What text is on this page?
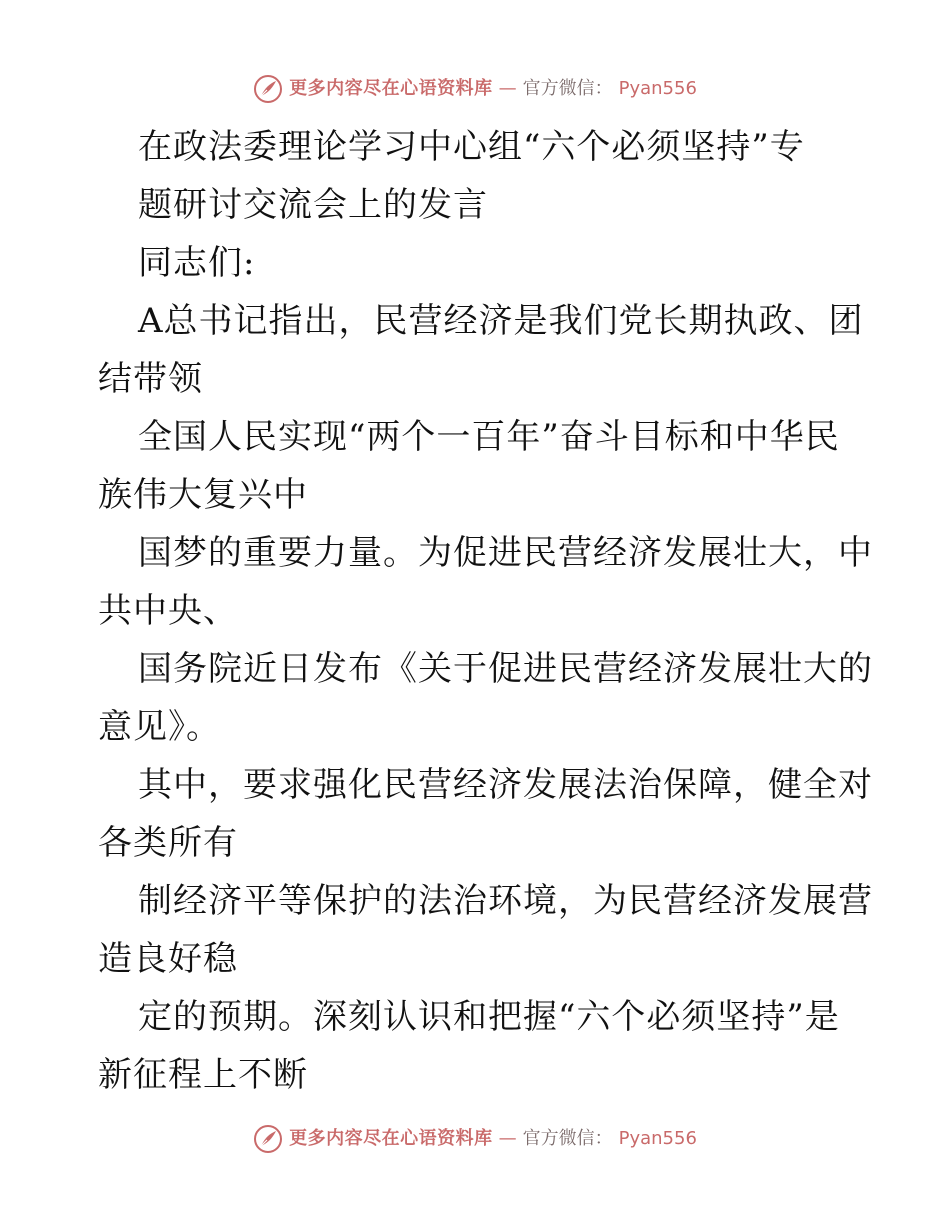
更多内容尽在心语资料库 — 官方微信： Pyan556
在政法委理论学习中心组“六个必须坚持”专
题研讨交流会上的发言
同志们:
A总书记指出，民营经济是我们党长期执政、团
结带领
全国人民实现“两个一百年”奋斗目标和中华民
族伟大复兴中
国梦的重要力量。为促进民营经济发展壮大，中
共中央、
国务院近日发布《关于促进民营经济发展壮大的
意见》。
其中，要求强化民营经济发展法治保障，健全对
各类所有
制经济平等保护的法治环境，为民营经济发展营
造良好稳
定的预期。深刻认识和把握“六个必须坚持”是
新征程上不断
更多内容尽在心语资料库 — 官方微信： Pyan556
